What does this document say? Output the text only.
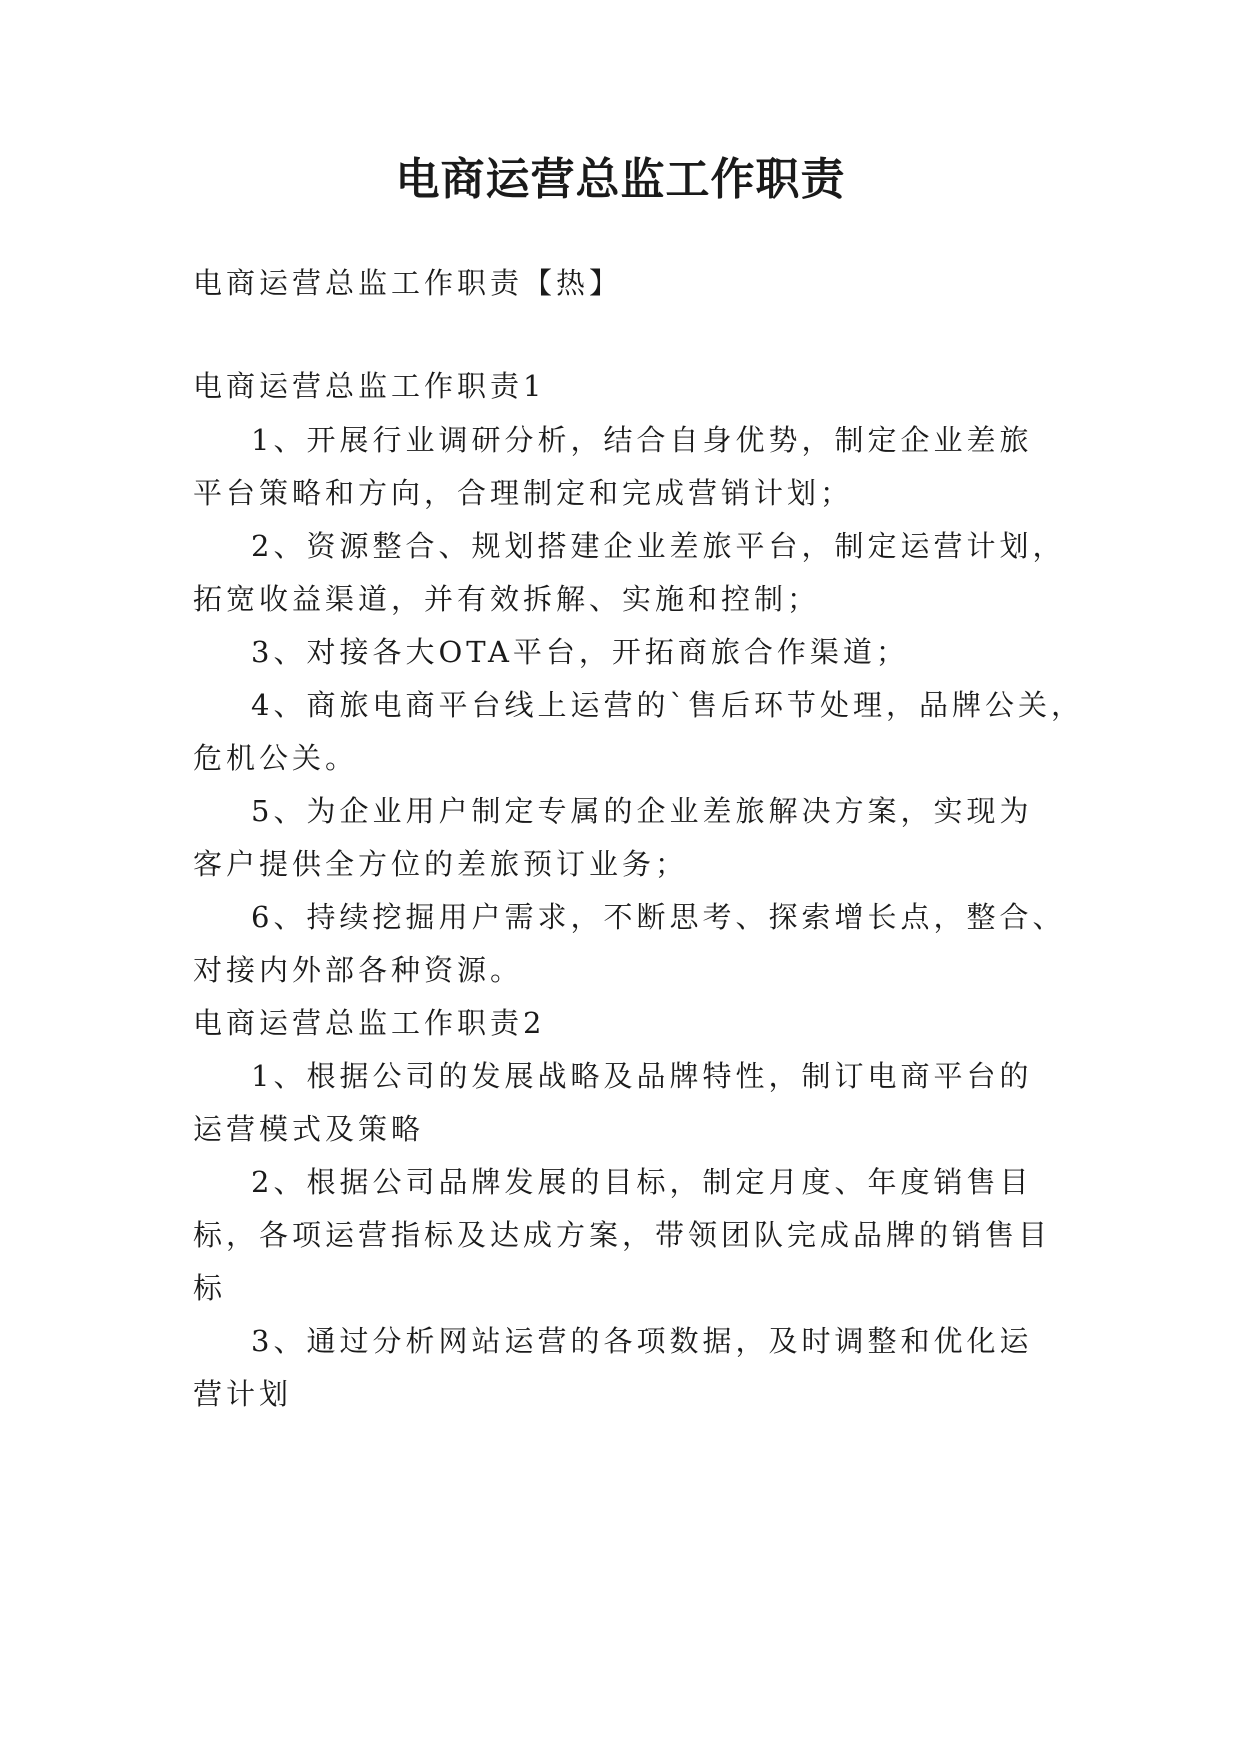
电商运营总监工作职责
电商运营总监工作职责【热】
电商运营总监工作职责1
1、开展行业调研分析，结合自身优势，制定企业差旅
平台策略和方向，合理制定和完成营销计划；
2、资源整合、规划搭建企业差旅平台，制定运营计划，
拓宽收益渠道，并有效拆解、实施和控制；
3、对接各大OTA平台，开拓商旅合作渠道；
4、商旅电商平台线上运营的`售后环节处理，品牌公关，
危机公关。
5、为企业用户制定专属的企业差旅解决方案，实现为
客户提供全方位的差旅预订业务；
6、持续挖掘用户需求，不断思考、探索增长点，整合、
对接内外部各种资源。
电商运营总监工作职责2
1、根据公司的发展战略及品牌特性，制订电商平台的
运营模式及策略
2、根据公司品牌发展的目标，制定月度、年度销售目
标，各项运营指标及达成方案，带领团队完成品牌的销售目
标
3、通过分析网站运营的各项数据，及时调整和优化运
营计划
